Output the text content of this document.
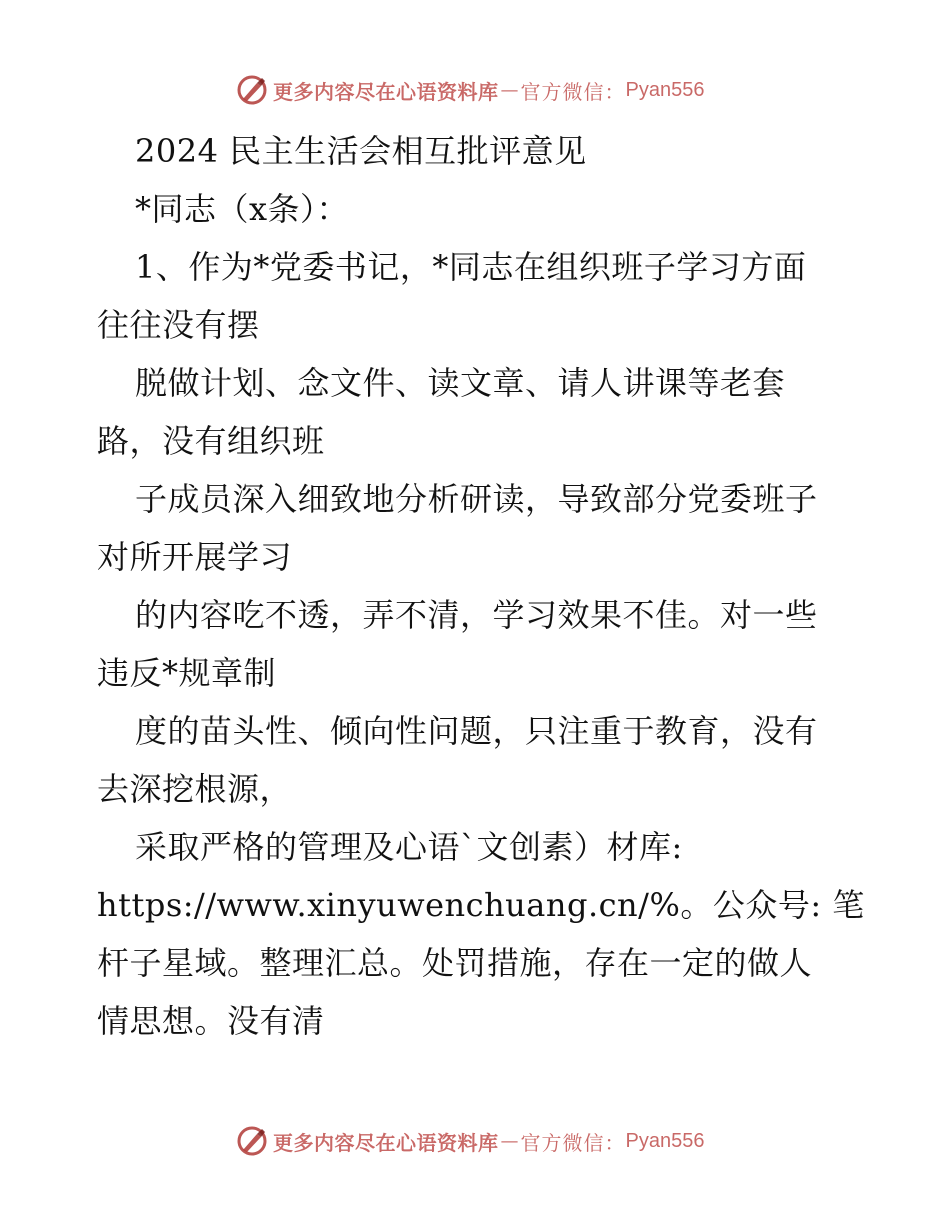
更多内容尽在心语资料库 — 官方微信： Pyan556
2024 民主生活会相互批评意见
*同志（x条）：
1、作为*党委书记，*同志在组织班子学习方面
往往没有摆
脱做计划、念文件、读文章、请人讲课等老套
路，没有组织班
子成员深入细致地分析研读，导致部分党委班子
对所开展学习
的内容吃不透，弄不清，学习效果不佳。对一些
违反*规章制
度的苗头性、倾向性问题，只注重于教育，没有
去深挖根源，
采取严格的管理及心语`文创素）材库:
https://www.xinyuwenchuang.cn/%。公众号: 笔
杆子星域。整理汇总。处罚措施，存在一定的做人
情思想。没有清
更多内容尽在心语资料库 — 官方微信： Pyan556
